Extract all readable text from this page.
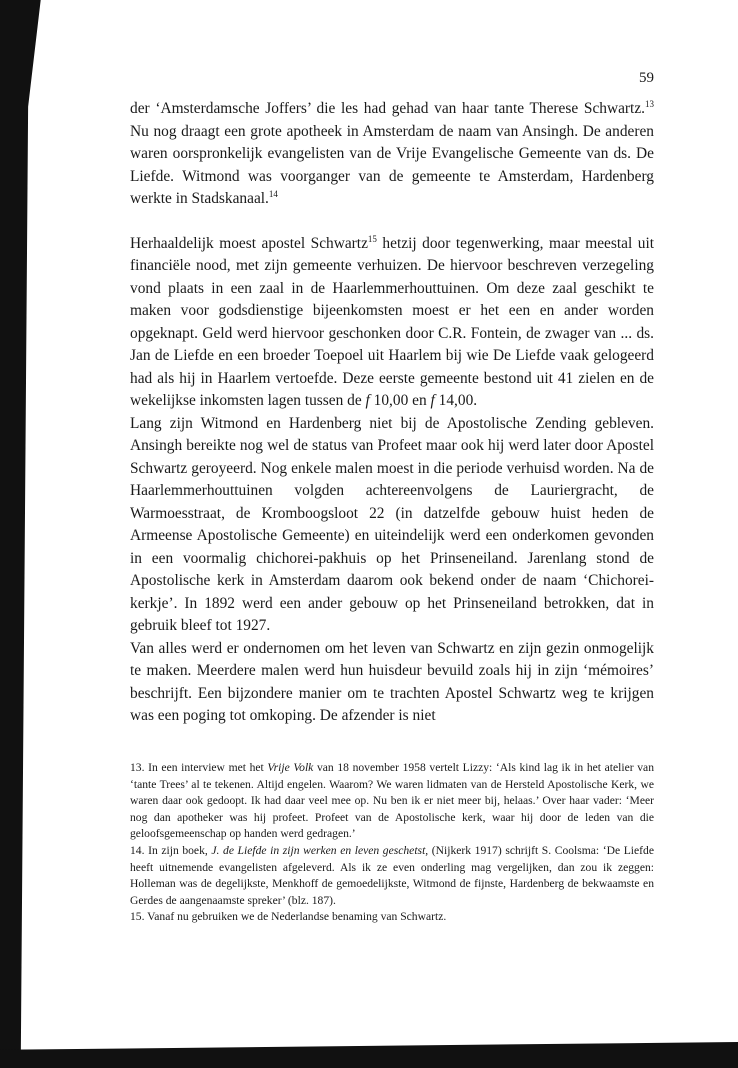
59

der ‘Amsterdamsche Joffers’ die les had gehad van haar tante Therese Schwartz.$^{13}$ Nu nog draagt een grote apotheek in Amsterdam de naam van Ansingh. De anderen waren oorspronkelijk evangelisten van de Vrije Evangelische Gemeente van ds. De Liefde. Witmond was voorganger van de gemeente te Amsterdam, Hardenberg werkte in Stadskanaal.$^{14}$

Herhaaldelijk moest apostel Schwartz$^{15}$ hetzij door tegenwerking, maar meestal uit financiële nood, met zijn gemeente verhuizen. De hiervoor beschreven verzegeling vond plaats in een zaal in de Haarlemmerhouttuinen. Om deze zaal geschikt te maken voor godsdienstige bijeenkomsten moest er het een en ander worden opgeknapt. Geld werd hiervoor geschonken door C.R. Fontein, de zwager van ... ds. Jan de Liefde en een broeder Toepoel uit Haarlem bij wie De Liefde vaak gelogeerd had als hij in Haarlem vertoefde. Deze eerste gemeente bestond uit 41 zielen en de wekelijkse inkomsten lagen tussen de f 10,00 en f 14,00.

Lang zijn Witmond en Hardenberg niet bij de Apostolische Zending gebleven. Ansingh bereikte nog wel de status van Profeet maar ook hij werd later door Apostel Schwartz geroyeerd. Nog enkele malen moest in die periode verhuisd worden. Na de Haarlemmerhouttuinen volgden achtereenvolgens de Lauriergracht, de Warmoesstraat, de Kromboogsloot 22 (in datzelfde gebouw huist heden de Armeense Apostolische Gemeente) en uiteindelijk werd een onderkomen gevonden in een voormalig chichorei-pakhuis op het Prinseneiland. Jarenlang stond de Apostolische kerk in Amsterdam daarom ook bekend onder de naam ‘Chichorei-kerkje’. In 1892 werd een ander gebouw op het Prinseneiland betrokken, dat in gebruik bleef tot 1927.

Van alles werd er ondernomen om het leven van Schwartz en zijn gezin onmogelijk te maken. Meerdere malen werd hun huisdeur bevuild zoals hij in zijn ‘mémoires’ beschrijft. Een bijzondere manier om te trachten Apostel Schwartz weg te krijgen was een poging tot omkoping. De afzender is niet

13. In een interview met het Vrije Volk van 18 november 1958 vertelt Lizzy: ‘Als kind lag ik in het atelier van ‘tante Trees’ al te tekenen. Altijd engelen. Waarom? We waren lidmaten van de Hersteld Apostolische Kerk, we waren daar ook gedoopt. Ik had daar veel mee op. Nu ben ik er niet meer bij, helaas.’ Over haar vader: ‘Meer nog dan apotheker was hij profeet. Profeet van de Apostolische kerk, waar hij door de leden van die geloofsgemeenschap op handen werd gedragen.’

14. In zijn boek, J. de Liefde in zijn werken en leven geschetst, (Nijkerk 1917) schrijft S. Coolsma: ‘De Liefde heeft uitnemende evangelisten afgeleverd. Als ik ze even onderling mag vergelijken, dan zou ik zeggen: Holleman was de degelijkste, Menkhoff de gemoedelijkste, Witmond de fijnste, Hardenberg de bekwaamste en Gerdes de aangenaamste spreker’ (blz. 187).

15. Vanaf nu gebruiken we de Nederlandse benaming van Schwartz.
